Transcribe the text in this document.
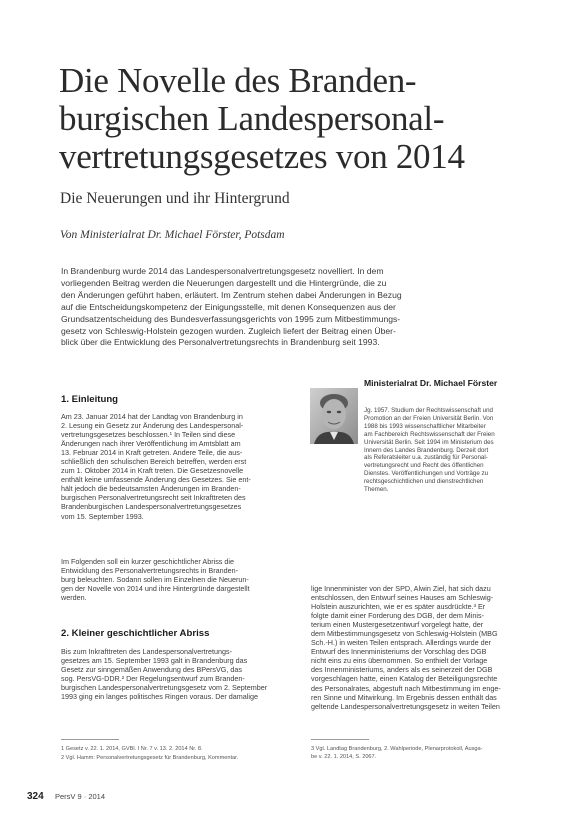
Die Novelle des Branden-
burgischen Landespersonal-
vertretungsgesetzes von 2014
Die Neuerungen und ihr Hintergrund
Von Ministerialrat Dr. Michael Förster, Potsdam
In Brandenburg wurde 2014 das Landespersonalvertretungsgesetz novelliert. In dem
vorliegenden Beitrag werden die Neuerungen dargestellt und die Hintergründe, die zu
den Änderungen geführt haben, erläutert. Im Zentrum stehen dabei Änderungen in Bezug
auf die Entscheidungskompetenz der Einigungsstelle, mit denen Konsequenzen aus der
Grundsatzentscheidung des Bundesverfassungsgerichts von 1995 zum Mitbestimmungs-
gesetz von Schleswig-Holstein gezogen wurden. Zugleich liefert der Beitrag einen Über-
blick über die Entwicklung des Personalvertretungsrechts in Brandenburg seit 1993.
1. Einleitung
Am 23. Januar 2014 hat der Landtag von Brandenburg in
2. Lesung ein Gesetz zur Änderung des Landespersonal-
vertretungsgesetzes beschlossen.¹ In Teilen sind diese
Änderungen nach ihrer Veröffentlichung im Amtsblatt am
13. Februar 2014 in Kraft getreten. Andere Teile, die aus-
schließlich den schulischen Bereich betreffen, werden erst
zum 1. Oktober 2014 in Kraft treten. Die Gesetzesnovelle
enthält keine umfassende Änderung des Gesetzes. Sie ent-
hält jedoch die bedeutsamsten Änderungen im Branden-
burgischen Personalvertretungsrecht seit Inkrafttreten des
Brandenburgischen Landespersonalvertretungsgesetzes
vom 15. September 1993.
Im Folgenden soll ein kurzer geschichtlicher Abriss die
Entwicklung des Personalvertretungsrechts in Branden-
burg beleuchten. Sodann sollen im Einzelnen die Neuerun-
gen der Novelle von 2014 und ihre Hintergründe dargestellt
werden.
2. Kleiner geschichtlicher Abriss
Bis zum Inkrafttreten des Landespersonalvertretungs-
gesetzes am 15. September 1993 galt in Brandenburg das
Gesetz zur sinngemäßen Anwendung des BPersVG, das
sog. PersVG-DDR.² Der Regelungsentwurf zum Branden-
burgischen Landespersonalvertretungsgesetz vom 2. September
1993 ging ein langes politisches Ringen voraus. Der damalige
Ministerialrat Dr. Michael Förster
Jg. 1957. Studium der Rechtswissenschaft und
Promotion an der Freien Universität Berlin. Von
1988 bis 1993 wissenschaftlicher Mitarbeiter
am Fachbereich Rechtswissenschaft der Freien
Universität Berlin. Seit 1994 im Ministerium des
Innern des Landes Brandenburg. Derzeit dort
als Referatsleiter u.a. zuständig für Personal-
vertretungsrecht und Recht des öffentlichen
Dienstes. Veröffentlichungen und Vorträge zu
rechtsgeschichtlichen und dienstrechtlichen
Themen.
lige Innenminister von der SPD, Alwin Ziel, hat sich dazu
entschlossen, den Entwurf seines Hauses am Schleswig-
Holstein auszurichten, wie er es später ausdrückte.³ Er
folgte damit einer Forderung des DGB, der dem Minis-
terium einen Mustergesetzentwurf vorgelegt hatte, der
dem Mitbestimmungsgesetz von Schleswig-Holstein (MBG
Sch.-H.) in weiten Teilen entsprach. Allerdings wurde der
Entwurf des Innenministeriums der Vorschlag des DGB
nicht eins zu eins übernommen. So enthielt der Vorlage
des Innenministeriums, anders als es seinerzeit der DGB
vorgeschlagen hatte, einen Katalog der Beteiligungsrechte
des Personalrates, abgestuft nach Mitbestimmung im enge-
ren Sinne und Mitwirkung. Im Ergebnis dessen enthält das
geltende Landespersonalvertretungsgesetz in weiten Teilen
1 Gesetz v. 22. 1. 2014, GVBl. I Nr. 7 v. 13. 2. 2014 Nr. 8.
2 Vgl. Hamm: Personalvertretungsgesetz für Brandenburg, Kommentar.
3 Vgl. Landtag Brandenburg, 2. Wahlperiode, Plenarprotokoll, Ausga-
be v. 22. 1. 2014, S. 2067.
324 PersV 9 · 2014
